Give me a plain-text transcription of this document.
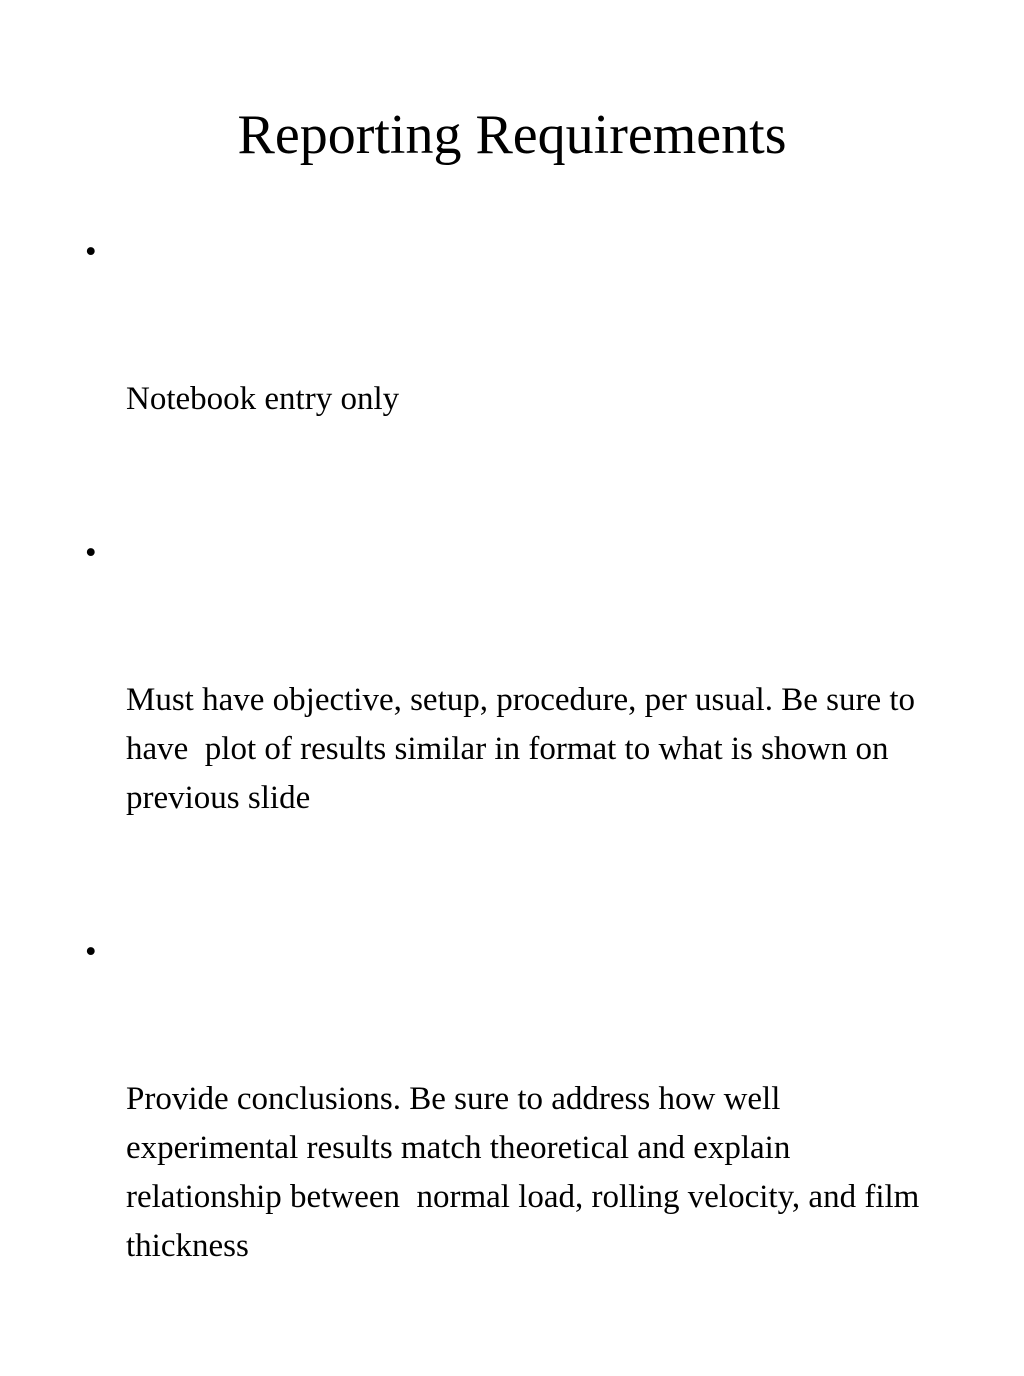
Reporting Requirements

•

Notebook entry only

•

Must have objective, setup, procedure, per usual. Be sure to have  plot of results similar in format to what is shown on previous slide

•

Provide conclusions. Be sure to address how well experimental results match theoretical and explain relationship between  normal load, rolling velocity, and film thickness
